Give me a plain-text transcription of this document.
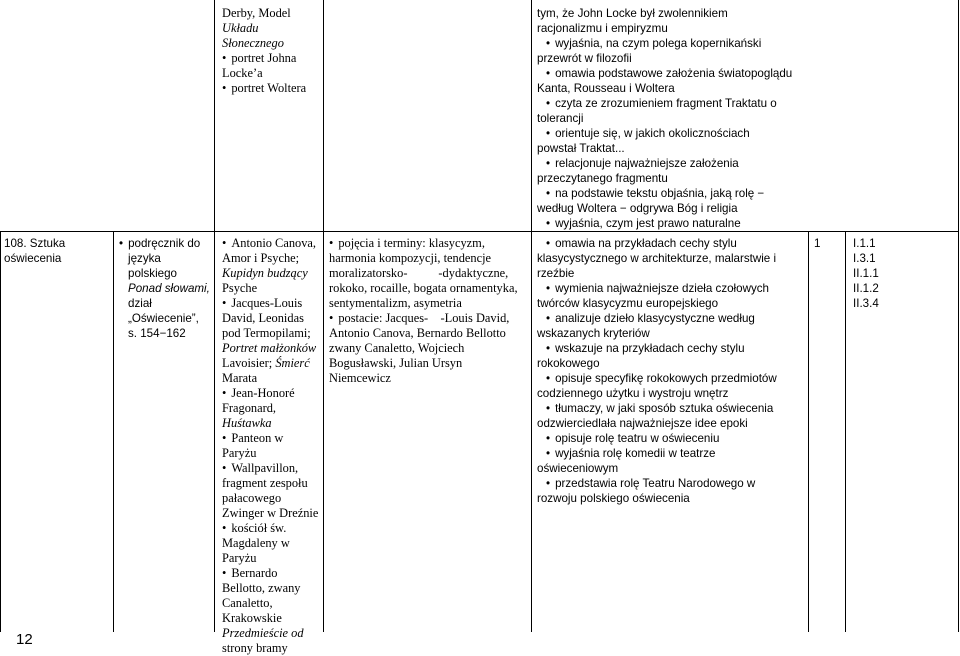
Derby, Model
Układu
Słonecznego
• portret Johna
Locke’a
• portret Woltera
tym, że John Locke był zwolennikiem
racjonalizmu i empiryzmu
• wyjaśnia, na czym polega kopernikański
przewrót w filozofii
• omawia podstawowe założenia światopoglądu
Kanta, Rousseau i Woltera
• czyta ze zrozumieniem fragment Traktatu o
tolerancji
• orientuje się, w jakich okolicznościach
powstał Traktat...
• relacjonuje najważniejsze założenia
przeczytanego fragmentu
• na podstawie tekstu objaśnia, jaką rolę −
według Woltera − odgrywa Bóg i religia
• wyjaśnia, czym jest prawo naturalne
108. Sztuka
oświecenia
• podręcznik do
języka polskiego
Ponad słowami,
dział
„Oświecenie”,
s. 154−162
• Antonio Canova,
Amor i Psyche;
Kupidyn budzący
Psyche
• Jacques-Louis
David, Leonidas
pod Termopilami;
Portret małżonków
Lavoisier; Śmierć
Marata
• Jean-Honoré
Fragonard,
Huśtawka
• Panteon w Paryżu
• Wallpavillon,
fragment zespołu
pałacowego
Zwinger w Dreźnie
• kościół św.
Magdaleny w
Paryżu
• Bernardo
Bellotto, zwany
Canaletto,
Krakowskie
Przedmieście od
strony bramy
• pojęcia i terminy: klasycyzm,
harmonia kompozycji, tendencje
moralizatorsko-          -dydaktyczne,
rokoko, rocaille, bogata ornamentyka,
sentymentalizm, asymetria
• postacie: Jacques-    -Louis David,
Antonio Canova, Bernardo Bellotto
zwany Canaletto, Wojciech
Bogusławski, Julian Ursyn
Niemcewicz
• omawia na przykładach cechy stylu
klasycystycznego w architekturze, malarstwie i
rzeźbie
• wymienia najważniejsze dzieła czołowych
twórców klasycyzmu europejskiego
• analizuje dzieło klasycystyczne według
wskazanych kryteriów
• wskazuje na przykładach cechy stylu
rokokowego
• opisuje specyfikę rokokowych przedmiotów
codziennego użytku i wystroju wnętrz
• tłumaczy, w jaki sposób sztuka oświecenia
odzwierciedlała najważniejsze idee epoki
• opisuje rolę teatru w oświeceniu
• wyjaśnia rolę komedii w teatrze
oświeceniowym
• przedstawia rolę Teatru Narodowego w
rozwoju polskiego oświecenia
1	I.1.1
I.3.1
II.1.1
II.1.2
II.3.4
12
